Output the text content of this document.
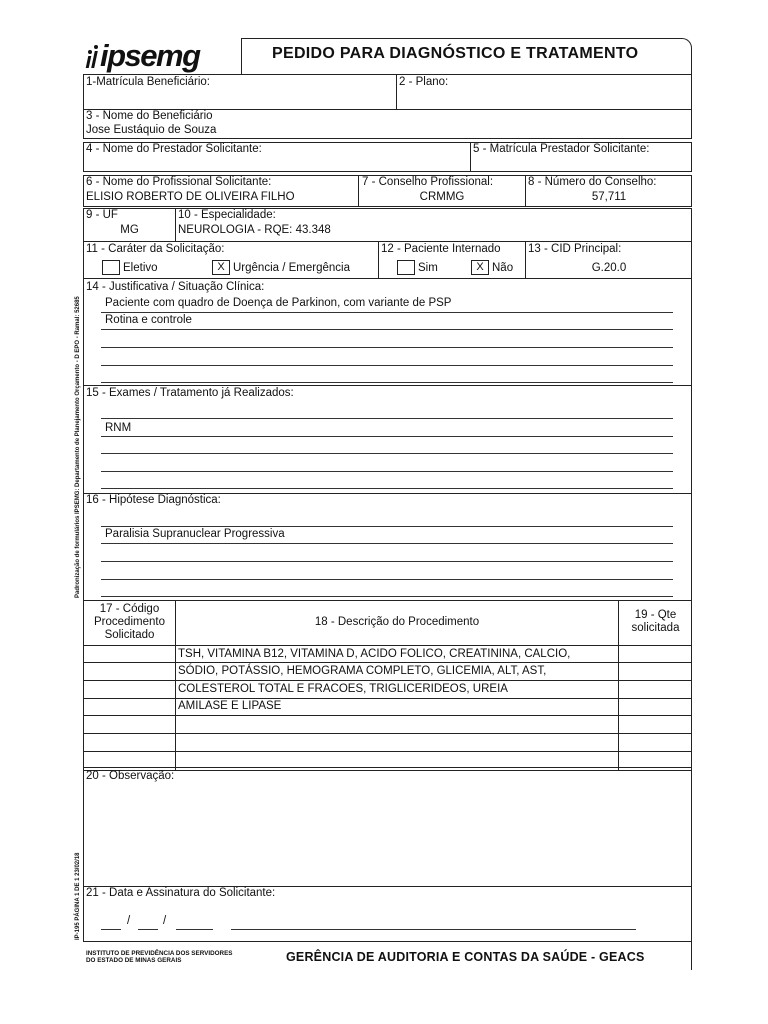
ipsemg	PEDIDO PARA DIAGNÓSTICO E TRATAMENTO
1-Matrícula Beneficiário:	2 - Plano:
3 - Nome do Beneficiário
Jose Eustáquio de Souza
4 - Nome do Prestador Solicitante:	5 - Matrícula Prestador Solicitante:
6 - Nome do Profissional Solicitante:
ELISIO ROBERTO DE OLIVEIRA FILHO
7 - Conselho Profissional:
CRMMG
8 - Número do Conselho:
57,711
9 - UF
MG
10 - Especialidade:
NEUROLOGIA - RQE: 43.348
11 - Caráter da Solicitação:
Eletivo	X Urgência / Emergência
12 - Paciente Internado
Sim	X Não
13 - CID Principal:
G.20.0
14 - Justificativa / Situação Clínica:
Paciente com quadro de Doença de Parkinon, com variante de PSP
Rotina e controle
15 - Exames / Tratamento já Realizados:
RNM
16 - Hipótese Diagnóstica:
Paralisia Supranuclear Progressiva
17 - Código
Procedimento
Solicitado
18 - Descrição do Procedimento
19 - Qte
solicitada
TSH, VITAMINA B12, VITAMINA D, ACIDO FOLICO, CREATININA, CALCIO,
SÓDIO, POTÁSSIO, HEMOGRAMA COMPLETO, GLICEMIA, ALT, AST,
COLESTEROL TOTAL E FRACOES, TRIGLICERIDEOS, UREIA
AMILASE E LIPASE
20 - Observação:
21 - Data e Assinatura do Solicitante:
/	/
Padronização de formulários IPSEMG: Departamento de Planejamento Orçamento - D EPO - Ramal: 52685
IP-195 PÁGINA 1 DE 1 23/02/18
INSTITUTO DE PREVIDÊNCIA DOS SERVIDORES
DO ESTADO DE MINAS GERAIS	GERÊNCIA DE AUDITORIA E CONTAS DA SAÚDE - GEACS
